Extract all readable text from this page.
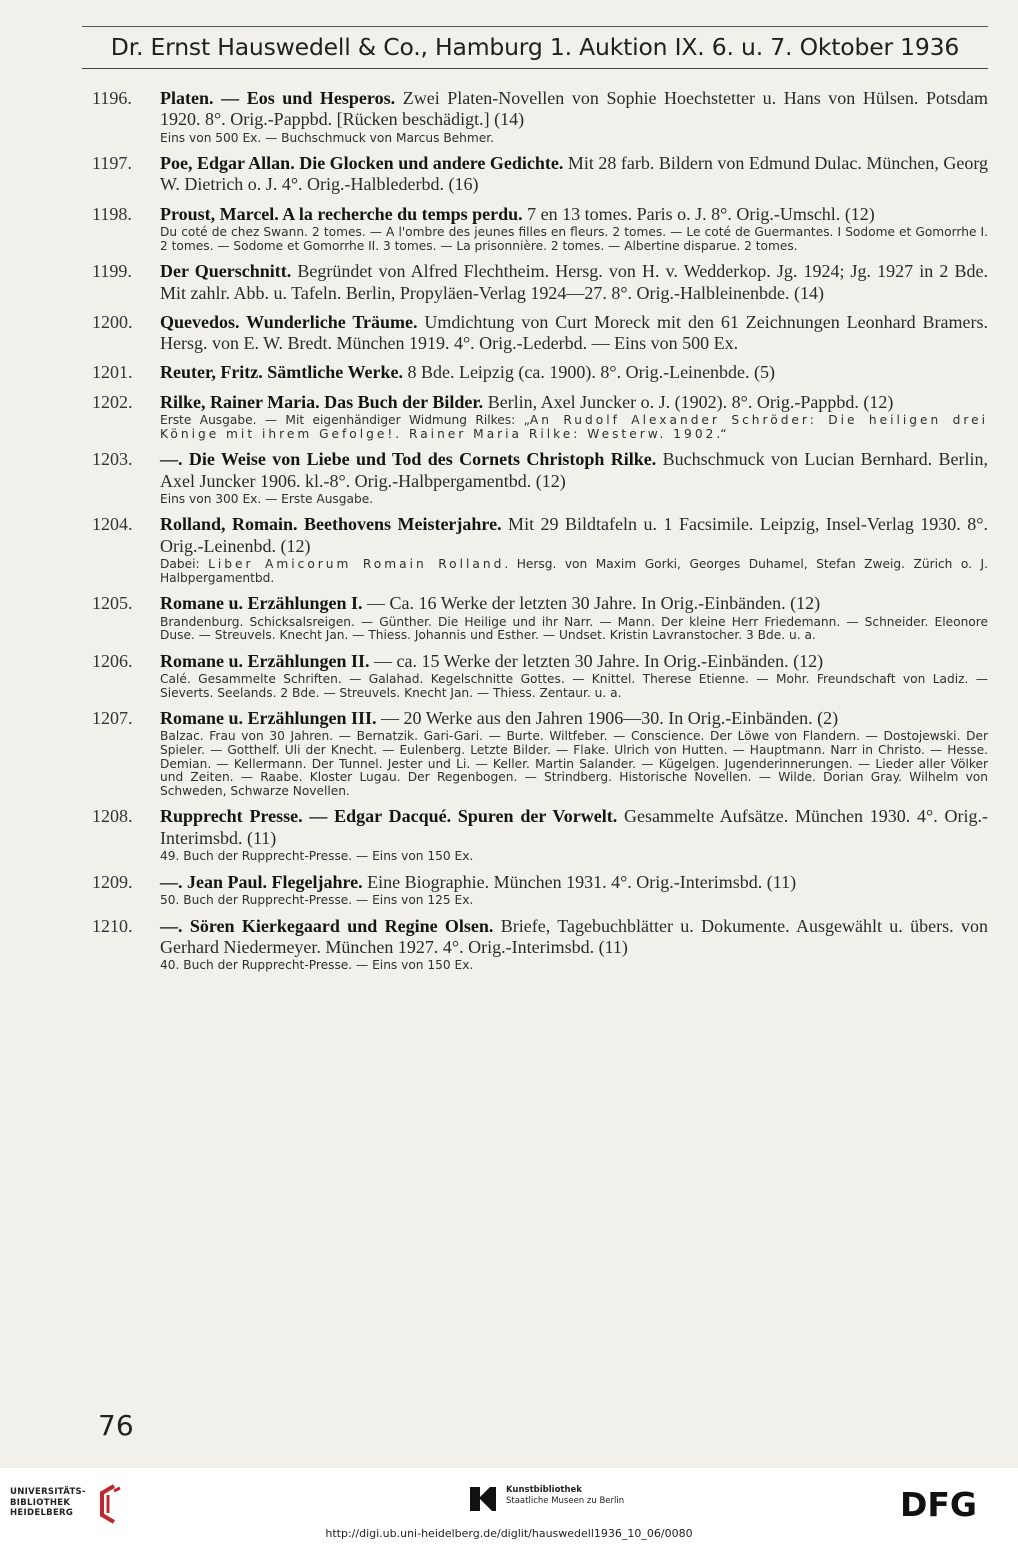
Dr. Ernst Hauswedell & Co., Hamburg 1. Auktion IX. 6. u. 7. Oktober 1936
1196. Platen. — Eos und Hesperos. Zwei Platen-Novellen von Sophie Hoechstetter u. Hans von Hülsen. Potsdam 1920. 8°. Orig.-Pappbd. [Rücken beschädigt.] (14)
Eins von 500 Ex. — Buchschmuck von Marcus Behmer.
1197. Poe, Edgar Allan. Die Glocken und andere Gedichte. Mit 28 farb. Bildern von Edmund Dulac. München, Georg W. Dietrich o. J. 4°. Orig.-Halblederbd. (16)
1198. Proust, Marcel. A la recherche du temps perdu. 7 en 13 tomes. Paris o. J. 8°. Orig.-Umschl. (12)
Du coté de chez Swann. 2 tomes. — A l'ombre des jeunes filles en fleurs. 2 tomes. — Le coté de Guermantes. I Sodome et Gomorrhe I. 2 tomes. — Sodome et Gomorrhe II. 3 tomes. — La prisonnière. 2 tomes. — Albertine disparue. 2 tomes.
1199. Der Querschnitt. Begründet von Alfred Flechtheim. Hersg. von H. v. Wedderkop. Jg. 1924; Jg. 1927 in 2 Bde. Mit zahlr. Abb. u. Tafeln. Berlin, Propyläen-Verlag 1924—27. 8°. Orig.-Halbleinenbde. (14)
1200. Quevedos. Wunderliche Träume. Umdichtung von Curt Moreck mit den 61 Zeichnungen Leonhard Bramers. Hersg. von E. W. Bredt. München 1919. 4°. Orig.-Lederbd. — Eins von 500 Ex.
1201. Reuter, Fritz. Sämtliche Werke. 8 Bde. Leipzig (ca. 1900). 8°. Orig.-Leinenbde. (5)
1202. Rilke, Rainer Maria. Das Buch der Bilder. Berlin, Axel Juncker o. J. (1902). 8°. Orig.-Pappbd. (12)
Erste Ausgabe. — Mit eigenhändiger Widmung Rilkes: „An Rudolf Alexander Schröder: Die heiligen drei Könige mit ihrem Gefolge!. Rainer Maria Rilke: Westerw. 1902.“
1203. —. Die Weise von Liebe und Tod des Cornets Christoph Rilke. Buchschmuck von Lucian Bernhard. Berlin, Axel Juncker 1906. kl.-8°. Orig.-Halbpergamentbd. (12)
Eins von 300 Ex. — Erste Ausgabe.
1204. Rolland, Romain. Beethovens Meisterjahre. Mit 29 Bildtafeln u. 1 Facsimile. Leipzig, Insel-Verlag 1930. 8°. Orig.-Leinenbd. (12)
Dabei: Liber Amicorum Romain Rolland. Hersg. von Maxim Gorki, Georges Duhamel, Stefan Zweig. Zürich o. J. Halbpergamentbd.
1205. Romane u. Erzählungen I. — Ca. 16 Werke der letzten 30 Jahre. In Orig.-Einbänden. (12)
Brandenburg. Schicksalsreigen. — Günther. Die Heilige und ihr Narr. — Mann. Der kleine Herr Friedemann. — Schneider. Eleonore Duse. — Streuvels. Knecht Jan. — Thiess. Johannis und Esther. — Undset. Kristin Lavranstocher. 3 Bde. u. a.
1206. Romane u. Erzählungen II. — ca. 15 Werke der letzten 30 Jahre. In Orig.-Einbänden. (12)
Calé. Gesammelte Schriften. — Galahad. Kegelschnitte Gottes. — Knittel. Therese Etienne. — Mohr. Freundschaft von Ladiz. — Sieverts. Seelands. 2 Bde. — Streuvels. Knecht Jan. — Thiess. Zentaur. u. a.
1207. Romane u. Erzählungen III. — 20 Werke aus den Jahren 1906—30. In Orig.-Einbänden. (2)
Balzac. Frau von 30 Jahren. — Bernatzik. Gari-Gari. — Burte. Wiltfeber. — Conscience. Der Löwe von Flandern. — Dostojewski. Der Spieler. — Gotthelf. Uli der Knecht. — Eulenberg. Letzte Bilder. — Flake. Ulrich von Hutten. — Hauptmann. Narr in Christo. — Hesse. Demian. — Kellermann. Der Tunnel. Jester und Li. — Keller. Martin Salander. — Kügelgen. Jugenderinnerungen. — Lieder aller Völker und Zeiten. — Raabe. Kloster Lugau. Der Regenbogen. — Strindberg. Historische Novellen. — Wilde. Dorian Gray. Wilhelm von Schweden, Schwarze Novellen.
1208. Rupprecht Presse. — Edgar Dacqué. Spuren der Vorwelt. Gesammelte Aufsätze. München 1930. 4°. Orig.-Interimsbd. (11)
49. Buch der Rupprecht-Presse. — Eins von 150 Ex.
1209. —. Jean Paul. Flegeljahre. Eine Biographie. München 1931. 4°. Orig.-Interimsbd. (11)
50. Buch der Rupprecht-Presse. — Eins von 125 Ex.
1210. —. Sören Kierkegaard und Regine Olsen. Briefe, Tagebuchblätter u. Dokumente. Ausgewählt u. übers. von Gerhard Niedermeyer. München 1927. 4°. Orig.-Interimsbd. (11)
40. Buch der Rupprecht-Presse. — Eins von 150 Ex.
76
UNIVERSITÄTS-
BIBLIOTHEK
HEIDELBERG
Kunstbibliothek
Staatliche Museen zu Berlin	DFG
http://digi.ub.uni-heidelberg.de/diglit/hauswedell1936_10_06/0080
